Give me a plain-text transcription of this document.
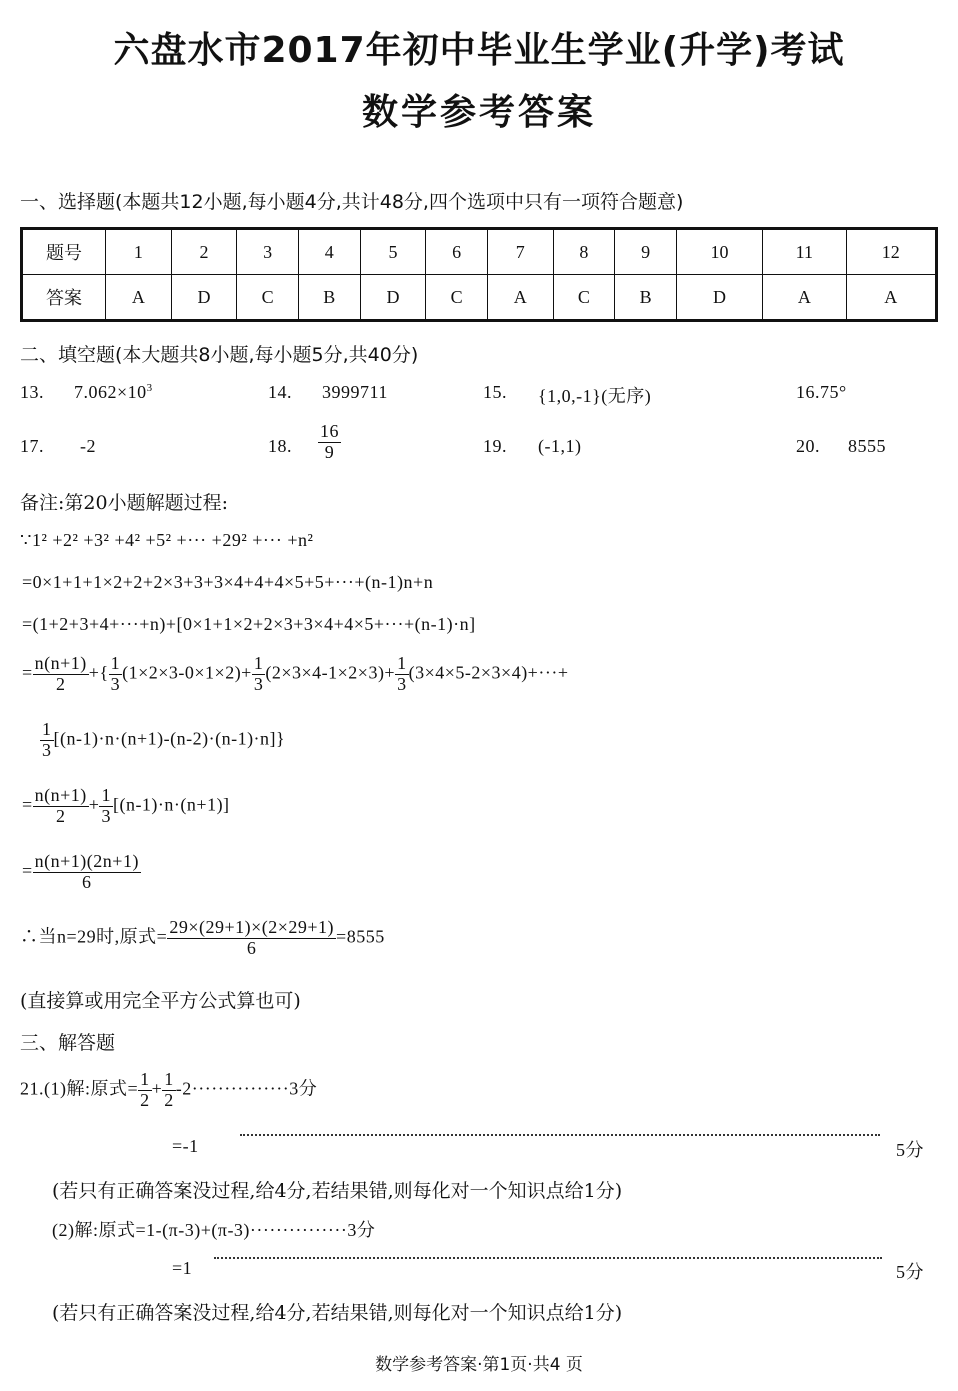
六盘水市2017年初中毕业生学业(升学)考试
数学参考答案
一、选择题(本题共12小题,每小题4分,共计48分,四个选项中只有一项符合题意)
题号	1	2	3	4	5	6	7	8	9	10	11	12
答案	A	D	C	B	D	C	A	C	B	D	A	A
二、填空题(本大题共8小题,每小题5分,共40分)
13. $7.062\times 10^3$	14. 3999711	15. {1,0,-1}(无序)	16.75°
17. -2	18. $\frac{16}{9}$	19. (-1,1)	20. 8555
备注:第20小题解题过程:
∵1² +2² +3² +4² +5² +··· +29² +··· +n²
=0×1+1+1×2+2+2×3+3+3×4+4+4×5+5+···+(n-1)n+n
=(1+2+3+4+···+n)+[0×1+1×2+2×3+3×4+4×5+···+(n-1)·n]
= $\frac{n(n+1)}{2}$ +{ $\frac{1}{3} (1\times 2\times 3-0\times 1\times 2)+ \frac{1}{3} (2\times 3\times 4-1\times 2\times 3)+ \frac{1}{3} (3\times 4\times 5-2\times 3\times 4)+\cdot\cdot\cdot+$
$\frac{1}{3} [(n-1)\cdot n\cdot(n+1)-(n-2)\cdot(n-1)\cdot n]$}
= $\frac{n(n+1)}{2} + \frac{1}{3} [(n-1)\cdot n\cdot(n+1)]$
= $\frac{n(n+1)(2n+1)}{6}$
∴当n=29时,原式= $\frac{29\times(29+1)\times(2\times 29+1)}{6} =8555$
(直接算或用完全平方公式算也可)
三、解答题
21.(1)解:原式= $\frac{1}{2} + \frac{1}{2} -2\cdot\cdot\cdot\cdot\cdot\cdot\cdot\cdot\cdot\cdot\cdot\cdot\cdot\cdot\cdot 3$分
=-1	5分
(若只有正确答案没过程,给4分,若结果错,则每化对一个知识点给1分)
(2)解:原式=1-(π-3)+(π-3)···············3分
=1	5分
(若只有正确答案没过程,给4分,若结果错,则每化对一个知识点给1分)
数学参考答案·第1页·共4 页
